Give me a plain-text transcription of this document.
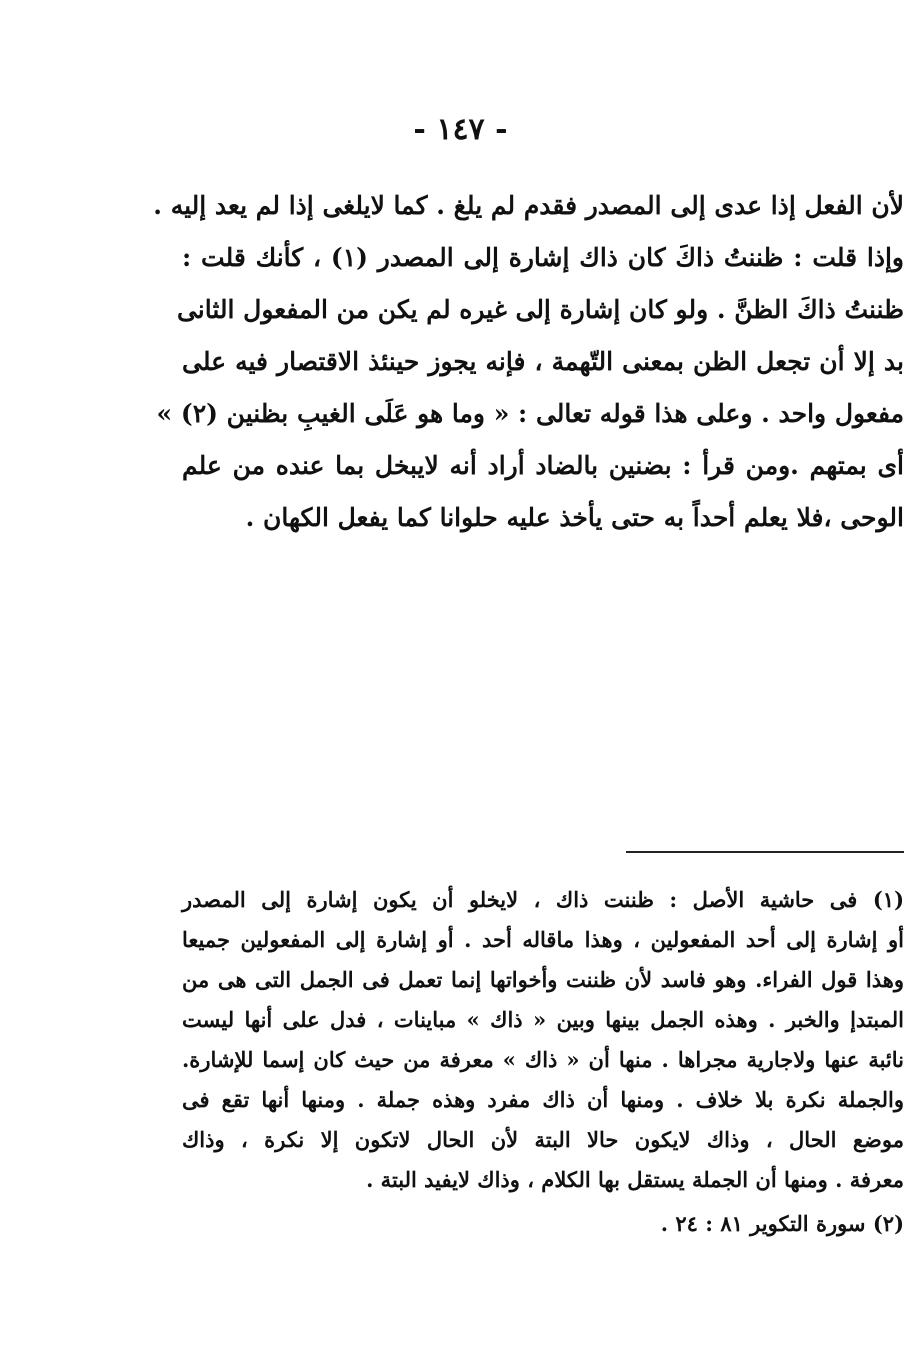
- ١٤٧ -
لأن الفعل إذا عدى إلى المصدر فقدم لم يلغ . كما لايلغى إذا لم يعد إليه .
وإذا قلت : ظننتُ ذاكَ كان ذاك إشارة إلى المصدر (١) ، كأنك قلت :
ظننتُ ذاكَ الظنَّ . ولو كان إشارة إلى غيره لم يكن من المفعول الثانى
بد إلا أن تجعل الظن بمعنى التّهمة ، فإنه يجوز حينئذ الاقتصار فيه على
مفعول واحد . وعلى هذا قوله تعالى : « وما هو عَلَى الغيبِ بظنين (٢) »
أى بمتهم .ومن قرأ : بضنين بالضاد أراد أنه لايبخل بما عنده من علم
الوحى ،فلا يعلم أحداً به حتى يأخذ عليه حلوانا كما يفعل الكهان .
(١) فى حاشية الأصل : ظننت ذاك ، لايخلو أن يكون إشارة إلى المصدر
أو إشارة إلى أحد المفعولين ، وهذا ماقاله أحد . أو إشارة إلى المفعولين جميعا
وهذا قول الفراء. وهو فاسد لأن ظننت وأخواتها إنما تعمل فى الجمل التى هى من
المبتدإ والخبر . وهذه الجمل بينها وبين « ذاك » مباينات ، فدل على أنها ليست
نائبة عنها ولاجارية مجراها . منها أن « ذاك » معرفة من حيث كان إسما للإشارة.
والجملة نكرة بلا خلاف . ومنها أن ذاك مفرد وهذه جملة . ومنها أنها تقع فى
موضع الحال ، وذاك لايكون حالا البتة لأن الحال لاتكون إلا نكرة ، وذاك
معرفة . ومنها أن الجملة يستقل بها الكلام ، وذاك لايفيد البتة .
(٢) سورة التكوير ٨١ : ٢٤ .
